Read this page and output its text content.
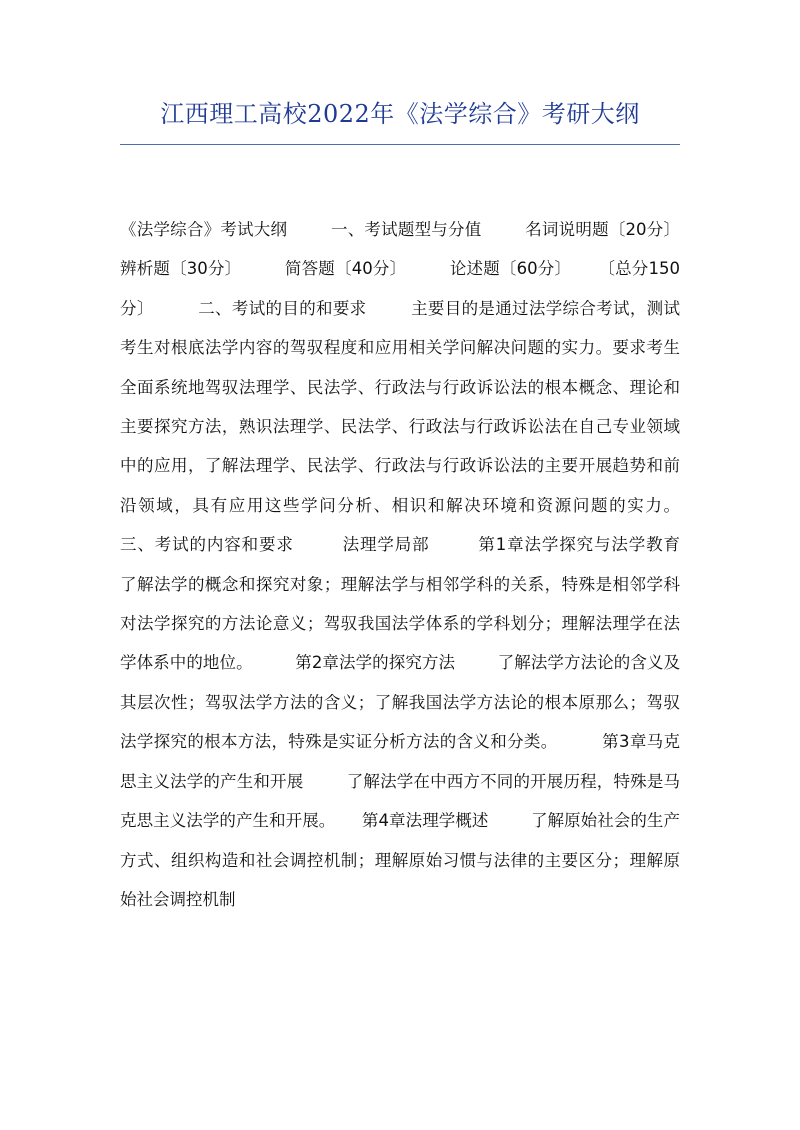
江西理工高校2022年《法学综合》考研大纲

《法学综合》考试大纲        一、考试题型与分值        名词说明题〔20分〕     辨析题〔30分〕        简答题〔40分〕        论述题〔60分〕     〔总分150分〕        二、考试的目的和要求        主要目的是通过法学综合考试，测试考生对根底法学内容的驾驭程度和应用相关学问解决问题的实力。要求考生全面系统地驾驭法理学、民法学、行政法与行政诉讼法的根本概念、理论和主要探究方法，熟识法理学、民法学、行政法与行政诉讼法在自己专业领域中的应用，了解法理学、民法学、行政法与行政诉讼法的主要开展趋势和前沿领域，具有应用这些学问分析、相识和解决环境和资源问题的实力。        三、考试的内容和要求        法理学局部        第1章法学探究与法学教育        了解法学的概念和探究对象；理解法学与相邻学科的关系，特殊是相邻学科对法学探究的方法论意义；驾驭我国法学体系的学科划分；理解法理学在法学体系中的地位。        第2章法学的探究方法        了解法学方法论的含义及其层次性；驾驭法学方法的含义；了解我国法学方法论的根本原那么；驾驭法学探究的根本方法，特殊是实证分析方法的含义和分类。        第3章马克思主义法学的产生和开展        了解法学在中西方不同的开展历程，特殊是马克思主义法学的产生和开展。     第4章法理学概述        了解原始社会的生产方式、组织构造和社会调控机制；理解原始习惯与法律的主要区分；理解原始社会调控机制
